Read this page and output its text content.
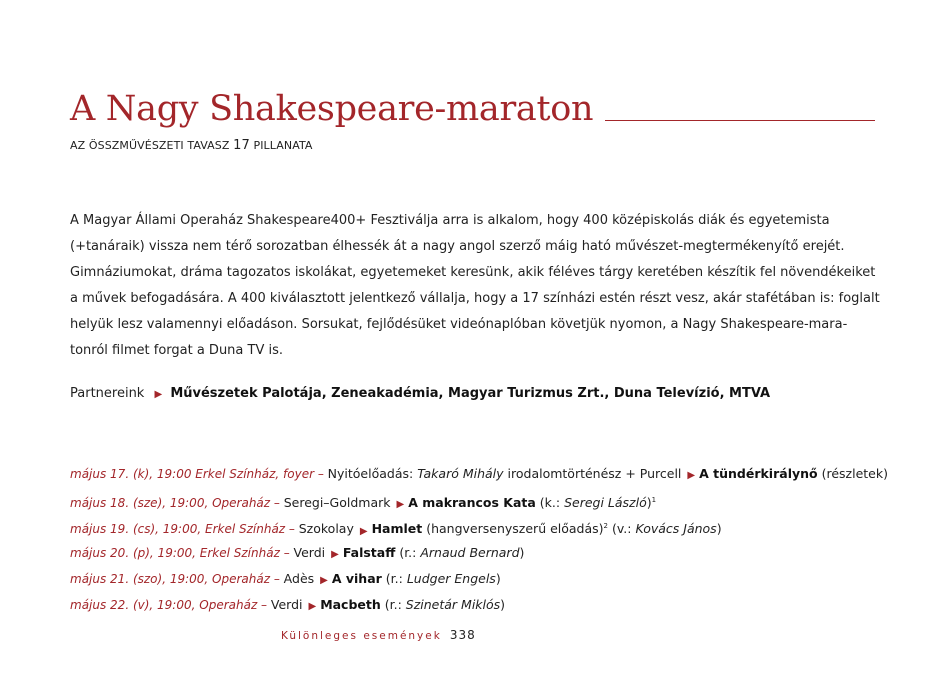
A Nagy Shakespeare-maraton
AZ ÖSSZMŰVÉSZETI TAVASZ 17 PILLANATA

A Magyar Állami Operaház Shakespeare400+ Fesztiválja arra is alkalom, hogy 400 középiskolás diák és egyetemista

(+tanáraik) vissza nem térő sorozatban élhessék át a nagy angol szerző máig ható művészet-megtermékenyítő erejét.

Gimnáziumokat, dráma tagozatos iskolákat, egyetemeket keresünk, akik féléves tárgy keretében készítik fel növendékeiket

a művek befogadására. A 400 kiválasztott jelentkező vállalja, hogy a 17 színházi estén részt vesz, akár stafétában is: foglalt

helyük lesz valamennyi előadáson. Sorsukat, fejlődésüket videónaplóban követjük nyomon, a Nagy Shakespeare-mara-

tonról filmet forgat a Duna TV is.

Partnereink ▶ Művészetek Palotája, Zeneakadémia, Magyar Turizmus Zrt., Duna Televízió, MTVA
május 17. (k), 19:00 Erkel Színház, foyer – Nyitóelőadás: Takaró Mihály irodalomtörténész + Purcell ▶ A tündérkirálynő (részletek)
május 18. (sze), 19:00, Operaház – Seregi–Goldmark ▶ A makrancos Kata (k.: Seregi László)$^1$
május 19. (cs), 19:00, Erkel Színház – Szokolay ▶ Hamlet (hangversenyszerű előadás)$^2$ (v.: Kovács János)
május 20. (p), 19:00, Erkel Színház – Verdi ▶ Falstaff (r.: Arnaud Bernard)
május 21. (szo), 19:00, Operaház – Adès ▶ A vihar (r.: Ludger Engels)
május 22. (v), 19:00, Operaház – Verdi ▶ Macbeth (r.: Szinetár Miklós)
Különleges események 338
